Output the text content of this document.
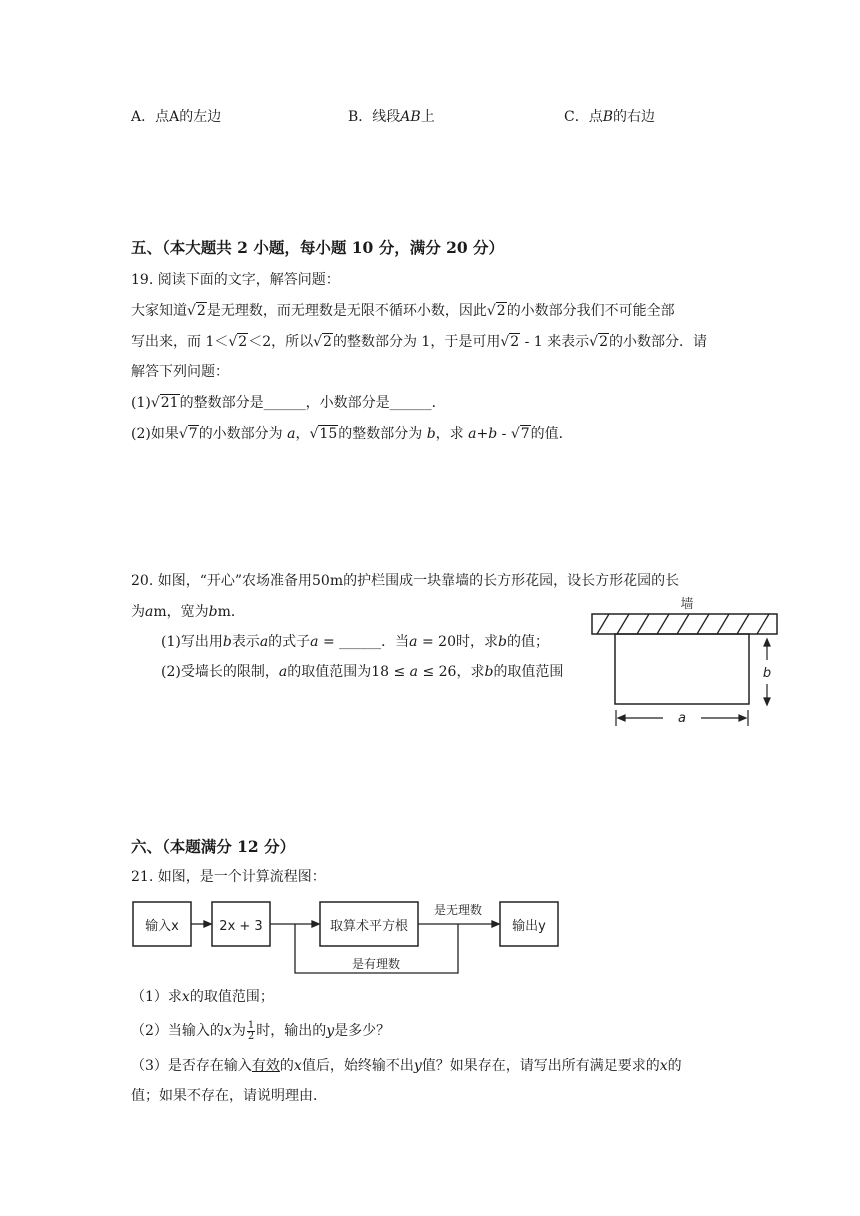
A．点A的左边	B．线段AB上	C．点B的右边
五、（本大题共 2 小题，每小题 10 分，满分 20 分）
19. 阅读下面的文字，解答问题：
大家知道√2是无理数，而无理数是无限不循环小数，因此√2的小数部分我们不可能全部
写出来，而 1＜√2＜2，所以√2的整数部分为 1，于是可用√2 - 1 来表示√2的小数部分．请
解答下列问题：
(1)√21的整数部分是______，小数部分是______．
(2)如果√7的小数部分为 a，√15的整数部分为 b，求 a+b - √7的值．
20. 如图，“开心”农场准备用50m的护栏围成一块靠墙的长方形花园，设长方形花园的长
为am，宽为bm．
(1)写出用b表示a的式子a = ______．当a = 20时，求b的值；
(2)受墙长的限制，a的取值范围为18 ≤ a ≤ 26，求b的取值范围
墙
b
a
六、（本题满分 12 分）
21. 如图，是一个计算流程图：
输入x	2x + 3	取算术平方根	输出y
是无理数
是有理数
（1）求x的取值范围；
（2）当输入的x为 $\frac{1}{2}$ 时，输出的y是多少？
（3）是否存在输入有效的x值后，始终输不出y值？如果存在，请写出所有满足要求的x的
值；如果不存在，请说明理由．
